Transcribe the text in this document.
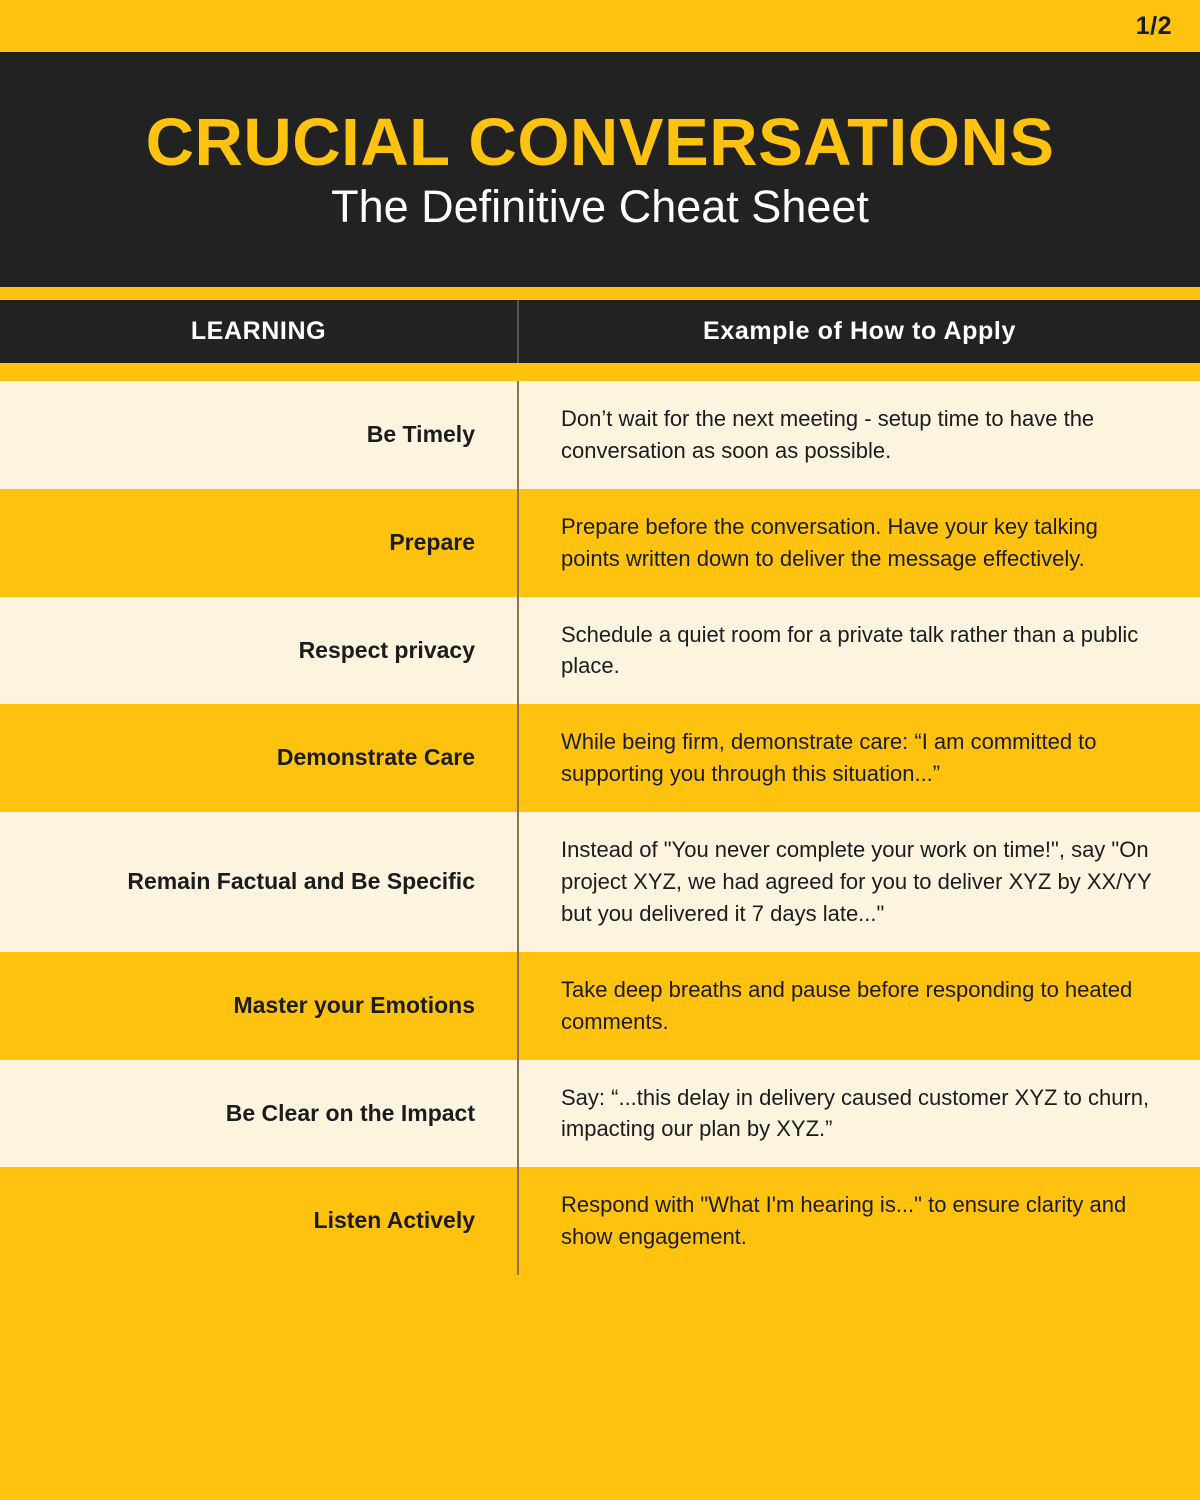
1/2
CRUCIAL CONVERSATIONS
The Definitive Cheat Sheet
LEARNING	Example of How to Apply

Be Timely	Don’t wait for the next meeting - setup time to have the conversation as soon as possible.
Prepare	Prepare before the conversation. Have your key talking points written down to deliver the message effectively.
Respect privacy	Schedule a quiet room for a private talk rather than a public place.
Demonstrate Care	While being firm, demonstrate care: “I am committed to supporting you through this situation...”
Remain Factual and Be Specific	Instead of "You never complete your work on time!", say "On project XYZ, we had agreed for you to deliver XYZ by XX/YY but you delivered it 7 days late..."
Master your Emotions	Take deep breaths and pause before responding to heated comments.
Be Clear on the Impact	Say: “...this delay in delivery caused customer XYZ to churn, impacting our plan by XYZ.”
Listen Actively	Respond with "What I'm hearing is..." to ensure clarity and show engagement.
